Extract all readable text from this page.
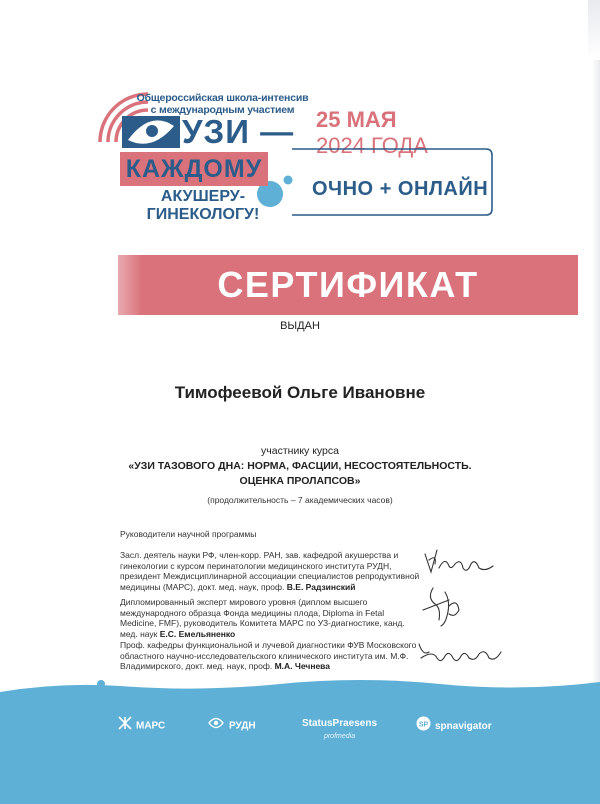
Общероссийская школа-интенсив с международным участием
УЗИ —
КАЖДОМУ
АКУШЕРУ-ГИНЕКОЛОГУ!
25 МАЯ
2024 ГОДА
ОЧНО + ОНЛАЙН
СЕРТИФИКАТ
ВЫДАН
Тимофеевой Ольге Ивановне
участнику курса
«УЗИ ТАЗОВОГО ДНА: НОРМА, ФАСЦИИ, НЕСОСТОЯТЕЛЬНОСТЬ.
ОЦЕНКА ПРОЛАПСОВ»
(продолжительность – 7 академических часов)
Руководители научной программы
Засл. деятель науки РФ, член-корр. РАН, зав. кафедрой акушерства и гинекологии с курсом перинатологии медицинского института РУДН, президент Междисциплинарной ассоциации специалистов репродуктивной медицины (МАРС), докт. мед. наук, проф. В.Е. Радзинский
Дипломированный эксперт мирового уровня (диплом высшего международного образца Фонда медицины плода, Diploma in Fetal Medicine, FMF), руководитель Комитета МАРС по УЗ-диагностике, канд. мед. наук Е.С. Емельяненко
Проф. кафедры функциональной и лучевой диагностики ФУВ Московского областного научно-исследовательского клинического института им. М.Ф. Владимирского, докт. мед. наук, проф. М.А. Чечнева
МАРС	РУДН	StatusPraesens
profmedia
SP spnavigator
